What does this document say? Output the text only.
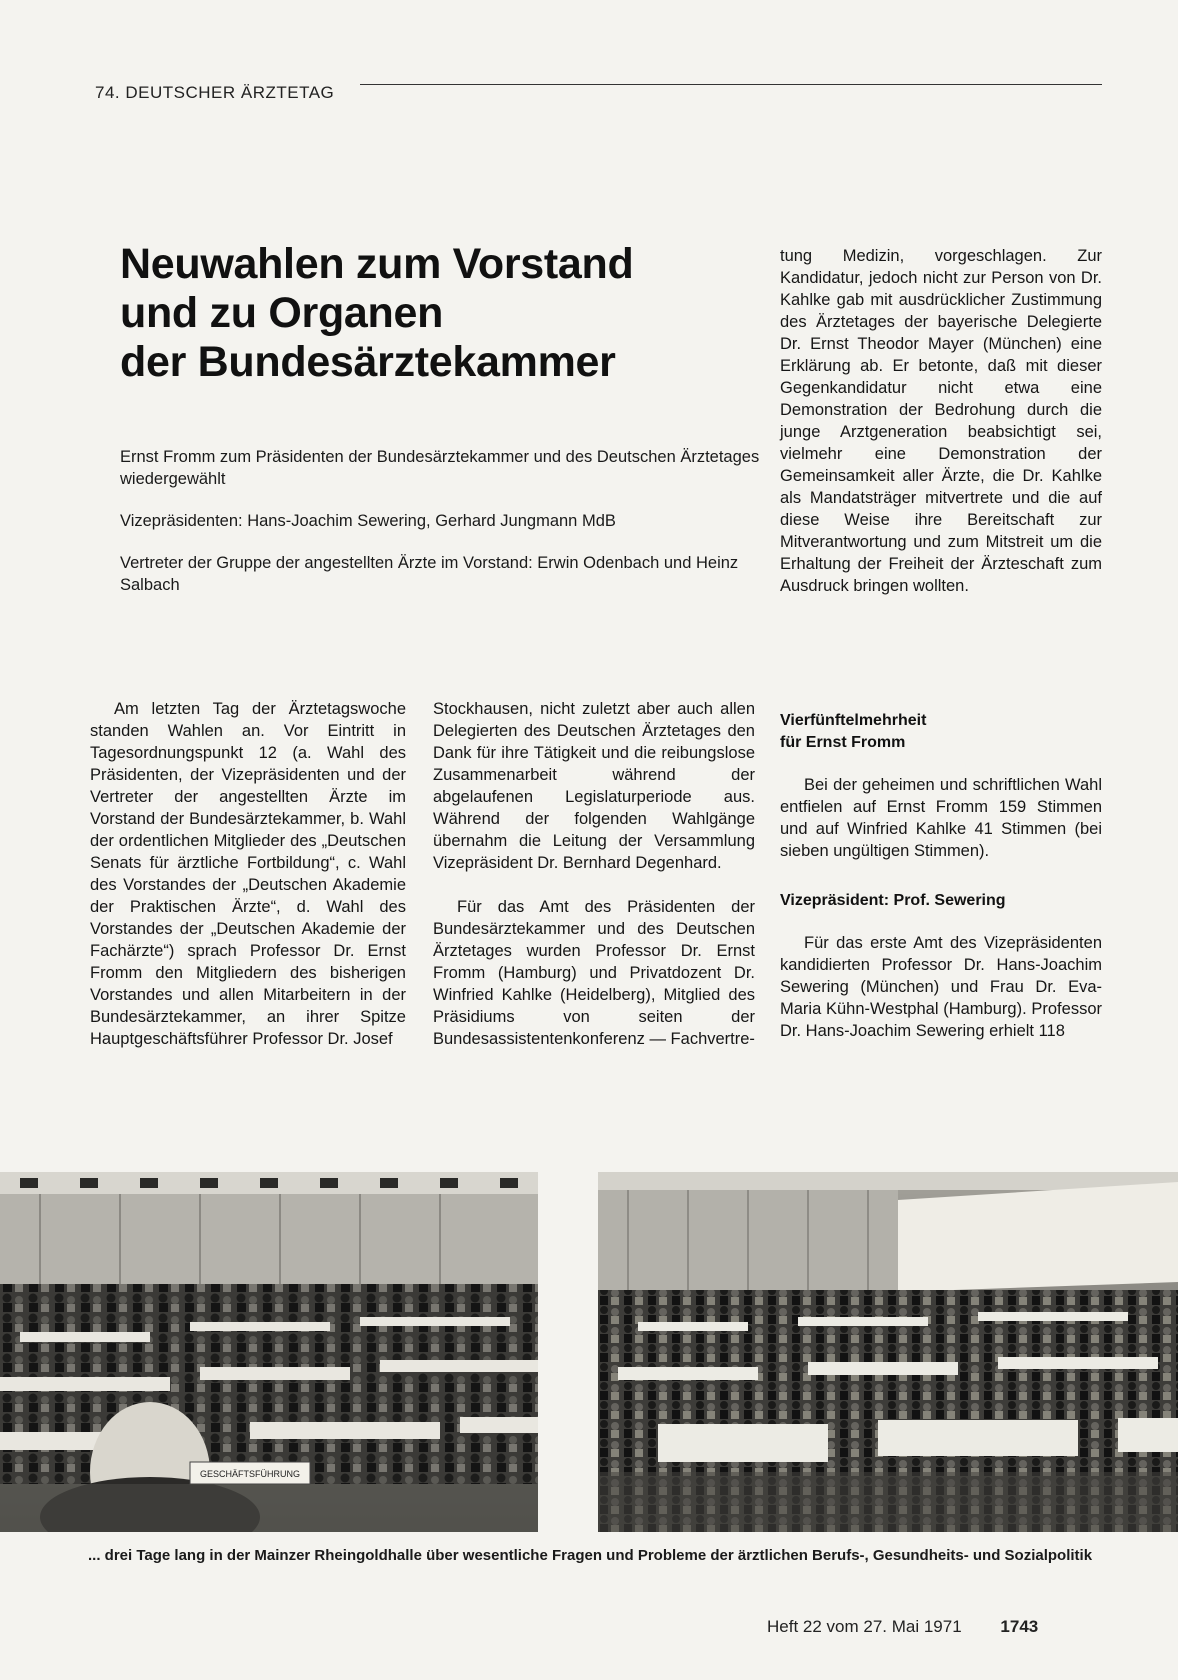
74. DEUTSCHER ÄRZTETAG
Neuwahlen zum Vorstand
und zu Organen
der Bundesärztekammer

Ernst Fromm zum Präsidenten der Bundesärztekammer und des Deutschen Ärztetages wiedergewählt

Vizepräsidenten: Hans-Joachim Sewering, Gerhard Jungmann MdB

Vertreter der Gruppe der angestellten Ärzte im Vorstand: Erwin Odenbach und Heinz Salbach

Am letzten Tag der Ärztetagswoche standen Wahlen an. Vor Eintritt in Tagesordnungspunkt 12 (a. Wahl des Präsidenten, der Vizepräsidenten und der Vertreter der angestellten Ärzte im Vorstand der Bundesärztekammer, b. Wahl der ordentlichen Mitglieder des „Deutschen Senats für ärztliche Fortbildung“, c. Wahl des Vorstandes der „Deutschen Akademie der Praktischen Ärzte“, d. Wahl des Vorstandes der „Deutschen Akademie der Fachärzte“) sprach Professor Dr. Ernst Fromm den Mitgliedern des bisherigen Vorstandes und allen Mitarbeitern in der Bundesärztekammer, an ihrer Spitze Hauptgeschäftsführer Professor Dr. Josef

Stockhausen, nicht zuletzt aber auch allen Delegierten des Deutschen Ärztetages den Dank für ihre Tätigkeit und die reibungslose Zusammenarbeit während der abgelaufenen Legislaturperiode aus. Während der folgenden Wahlgänge übernahm die Leitung der Versammlung Vizepräsident Dr. Bernhard Degenhard.

Für das Amt des Präsidenten der Bundesärztekammer und des Deutschen Ärztetages wurden Professor Dr. Ernst Fromm (Hamburg) und Privatdozent Dr. Winfried Kahlke (Heidelberg), Mitglied des Präsidiums von seiten der Bundesassistentenkonferenz — Fachvertre-

tung Medizin, vorgeschlagen. Zur Kandidatur, jedoch nicht zur Person von Dr. Kahlke gab mit ausdrücklicher Zustimmung des Ärztetages der bayerische Delegierte Dr. Ernst Theodor Mayer (München) eine Erklärung ab. Er betonte, daß mit dieser Gegenkandidatur nicht etwa eine Demonstration der Bedrohung durch die junge Arztgeneration beabsichtigt sei, vielmehr eine Demonstration der Gemeinsamkeit aller Ärzte, die Dr. Kahlke als Mandatsträger mitvertrete und die auf diese Weise ihre Bereitschaft zur Mitverantwortung und zum Mitstreit um die Erhaltung der Freiheit der Ärzteschaft zum Ausdruck bringen wollten.

Vierfünftelmehrheit
für Ernst Fromm

Bei der geheimen und schriftlichen Wahl entfielen auf Ernst Fromm 159 Stimmen und auf Winfried Kahlke 41 Stimmen (bei sieben ungültigen Stimmen).

Vizepräsident: Prof. Sewering

Für das erste Amt des Vizepräsidenten kandidierten Professor Dr. Hans-Joachim Sewering (München) und Frau Dr. Eva-Maria Kühn-Westphal (Hamburg). Professor Dr. Hans-Joachim Sewering erhielt 118

GESCHÄFTSFÜHRUNG
... drei Tage lang in der Mainzer Rheingoldhalle über wesentliche Fragen und Probleme der ärztlichen Berufs-, Gesundheits- und Sozialpolitik
Heft 22 vom 27. Mai 1971 1743
